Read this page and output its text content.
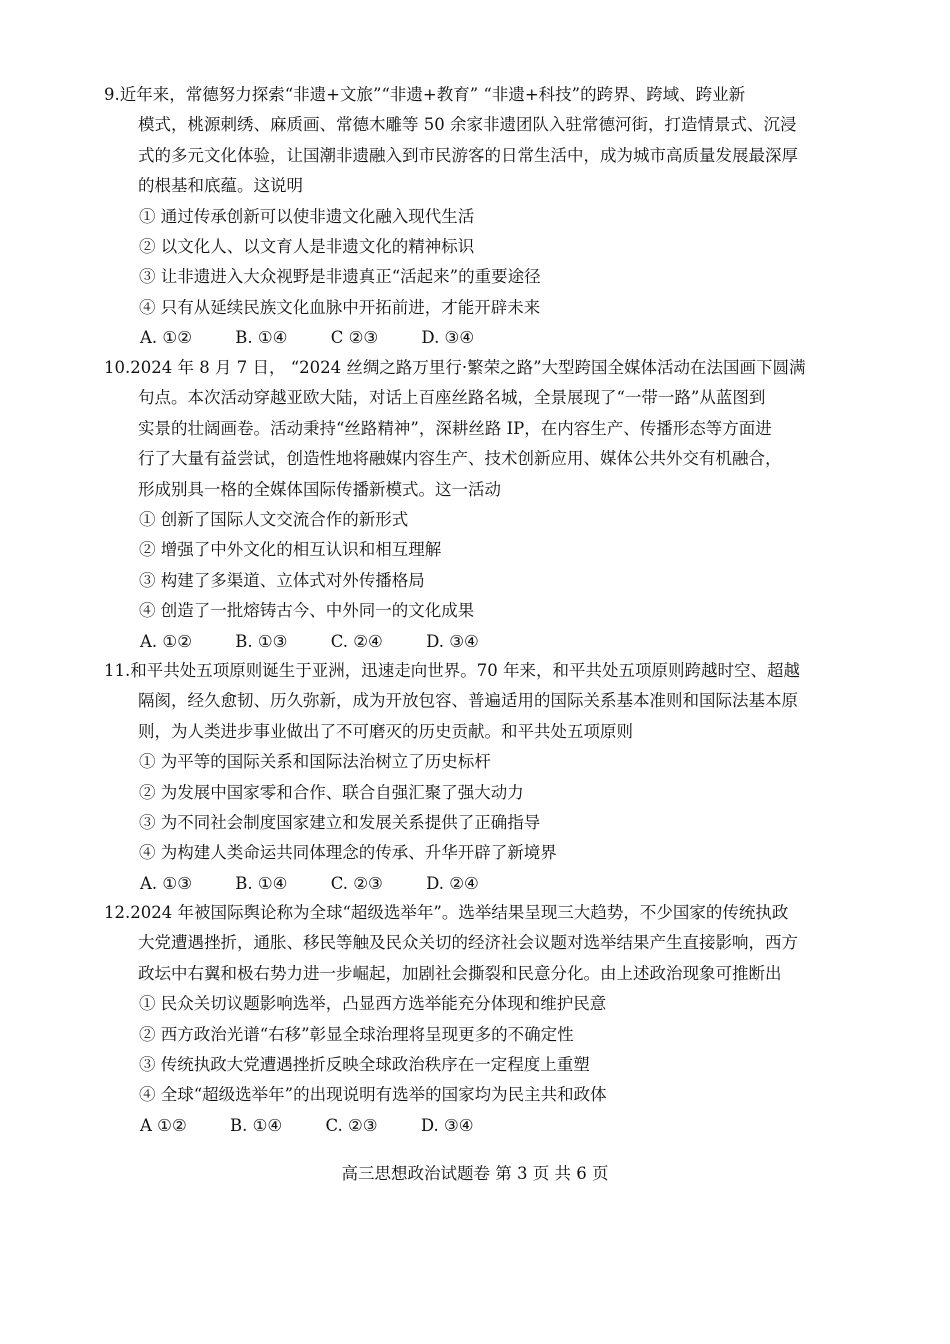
9.近年来，常德努力探索“非遗+文旅”“非遗+教育” “非遗+科技”的跨界、跨域、跨业新
模式，桃源刺绣、麻质画、常德木雕等 50 余家非遗团队入驻常德河街，打造情景式、沉浸
式的多元文化体验，让国潮非遗融入到市民游客的日常生活中，成为城市高质量发展最深厚
的根基和底蕴。这说明
① 通过传承创新可以使非遗文化融入现代生活
② 以文化人、以文育人是非遗文化的精神标识
③ 让非遗进入大众视野是非遗真正“活起来”的重要途径
④ 只有从延续民族文化血脉中开拓前进，才能开辟未来
A. ①②	B. ①④	C ②③	D. ③④
10.2024 年 8 月 7 日， “2024 丝绸之路万里行·繁荣之路”大型跨国全媒体活动在法国画下圆满
句点。本次活动穿越亚欧大陆，对话上百座丝路名城，全景展现了“一带一路”从蓝图到
实景的壮阔画卷。活动秉持“丝路精神”，深耕丝路 IP，在内容生产、传播形态等方面进
行了大量有益尝试，创造性地将融媒内容生产、技术创新应用、媒体公共外交有机融合，
形成别具一格的全媒体国际传播新模式。这一活动
① 创新了国际人文交流合作的新形式
② 增强了中外文化的相互认识和相互理解
③ 构建了多渠道、立体式对外传播格局
④ 创造了一批熔铸古今、中外同一的文化成果
A. ①②	B. ①③	C. ②④	D. ③④
11.和平共处五项原则诞生于亚洲，迅速走向世界。70 年来，和平共处五项原则跨越时空、超越
隔阂，经久愈韧、历久弥新，成为开放包容、普遍适用的国际关系基本准则和国际法基本原
则，为人类进步事业做出了不可磨灭的历史贡献。和平共处五项原则
① 为平等的国际关系和国际法治树立了历史标杆
② 为发展中国家零和合作、联合自强汇聚了强大动力
③ 为不同社会制度国家建立和发展关系提供了正确指导
④ 为构建人类命运共同体理念的传承、升华开辟了新境界
A. ①③	B. ①④	C. ②③	D. ②④
12.2024 年被国际舆论称为全球“超级选举年”。选举结果呈现三大趋势，不少国家的传统执政
大党遭遇挫折，通胀、移民等触及民众关切的经济社会议题对选举结果产生直接影响，西方
政坛中右翼和极右势力进一步崛起，加剧社会撕裂和民意分化。由上述政治现象可推断出
① 民众关切议题影响选举，凸显西方选举能充分体现和维护民意
② 西方政治光谱“右移”彰显全球治理将呈现更多的不确定性
③ 传统执政大党遭遇挫折反映全球政治秩序在一定程度上重塑
④ 全球“超级选举年”的出现说明有选举的国家均为民主共和政体
A ①②	B. ①④	C. ②③	D. ③④
高三思想政治试题卷 第 3 页 共 6 页
